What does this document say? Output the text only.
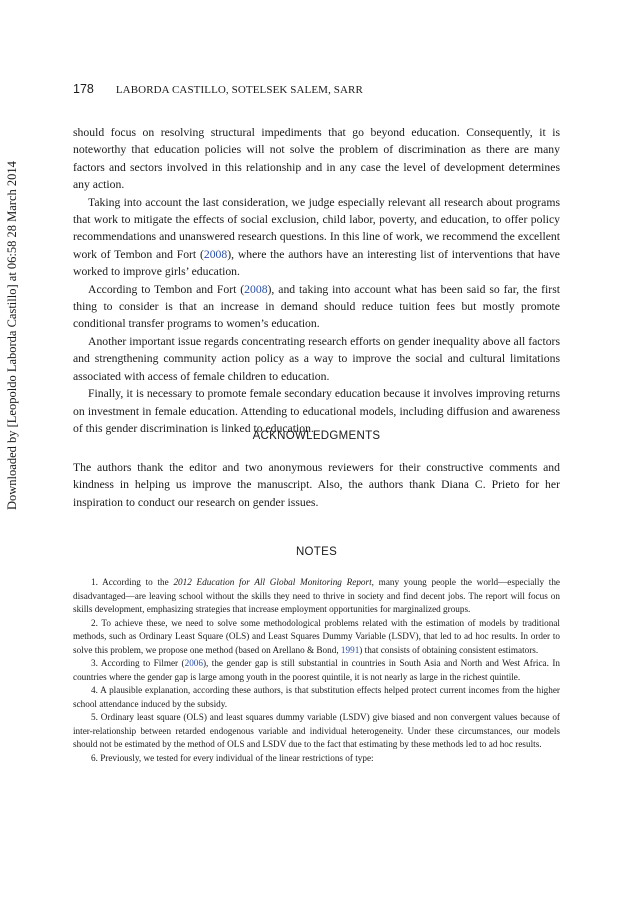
Downloaded by [Leopoldo Laborda Castillo] at 06:58 28 March 2014
178 LABORDA CASTILLO, SOTELSEK SALEM, SARR

should focus on resolving structural impediments that go beyond education. Consequently, it is noteworthy that education policies will not solve the problem of discrimination as there are many factors and sectors involved in this relationship and in any case the level of development determines any action.

Taking into account the last consideration, we judge especially relevant all research about programs that work to mitigate the effects of social exclusion, child labor, poverty, and education, to offer policy recommendations and unanswered research questions. In this line of work, we recommend the excellent work of Tembon and Fort (2008), where the authors have an interesting list of interventions that have worked to improve girls’ education.

According to Tembon and Fort (2008), and taking into account what has been said so far, the first thing to consider is that an increase in demand should reduce tuition fees but mostly promote conditional transfer programs to women’s education.

Another important issue regards concentrating research efforts on gender inequality above all factors and strengthening community action policy as a way to improve the social and cultural limitations associated with access of female children to education.

Finally, it is necessary to promote female secondary education because it involves improving returns on investment in female education. Attending to educational models, including diffusion and awareness of this gender discrimination is linked to education.

ACKNOWLEDGMENTS

The authors thank the editor and two anonymous reviewers for their constructive comments and kindness in helping us improve the manuscript. Also, the authors thank Diana C. Prieto for her inspiration to conduct our research on gender issues.

NOTES

1. According to the 2012 Education for All Global Monitoring Report, many young people the world—especially the disadvantaged—are leaving school without the skills they need to thrive in society and find decent jobs. The report will focus on skills development, emphasizing strategies that increase employment opportunities for marginalized groups.

2. To achieve these, we need to solve some methodological problems related with the estimation of models by traditional methods, such as Ordinary Least Square (OLS) and Least Squares Dummy Variable (LSDV), that led to ad hoc results. In order to solve this problem, we propose one method (based on Arellano & Bond, 1991) that consists of obtaining consistent estimators.

3. According to Filmer (2006), the gender gap is still substantial in countries in South Asia and North and West Africa. In countries where the gender gap is large among youth in the poorest quintile, it is not nearly as large in the richest quintile.

4. A plausible explanation, according these authors, is that substitution effects helped protect current incomes from the higher school attendance induced by the subsidy.

5. Ordinary least square (OLS) and least squares dummy variable (LSDV) give biased and non convergent values because of inter-relationship between retarded endogenous variable and individual heterogeneity. Under these circumstances, our models should not be estimated by the method of OLS and LSDV due to the fact that estimating by these methods led to ad hoc results.

6. Previously, we tested for every individual of the linear restrictions of type:
